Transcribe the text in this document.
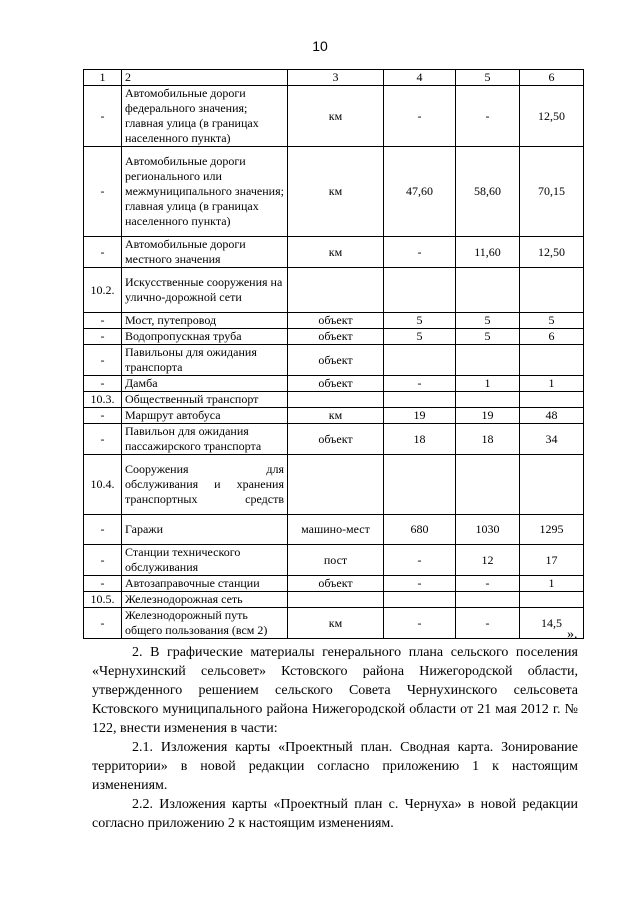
10
1	2	3	4	5	6
-	Автомобильные дороги федерального значения; главная улица (в границах населенного пункта)	км	-	-	12,50
-	Автомобильные дороги регионального или межмуниципального значения; главная улица (в границах населенного пункта)	км	47,60	58,60	70,15
-	Автомобильные дороги местного значения	км	-	11,60	12,50
10.2.	Искусственные сооружения на улично-дорожной сети				
-	Мост, путепровод	объект	5	5	5
-	Водопропускная труба	объект	5	5	6
-	Павильоны для ожидания транспорта	объект			
-	Дамба	объект	-	1	1
10.3.	Общественный транспорт				
-	Маршрут автобуса	км	19	19	48
-	Павильон для ожидания пассажирского транспорта	объект	18	18	34
10.4.	Сооружения для обслуживания и хранения транспортных средств				
-	Гаражи	машино-мест	680	1030	1295
-	Станции технического обслуживания	пост	-	12	17
-	Автозаправочные станции	объект	-	-	1
10.5.	Железнодорожная сеть				
-	Железнодорожный путь общего пользования (всм 2)	км	-	-	14,5
».

2. В графические материалы генерального плана сельского поселения «Чернухинский сельсовет» Кстовского района Нижегородской области, утвержденного решением сельского Совета Чернухинского сельсовета Кстовского муниципального района Нижегородской области от 21 мая 2012 г. № 122, внести изменения в части:

2.1. Изложения карты «Проектный план. Сводная карта. Зонирование территории» в новой редакции согласно приложению 1 к настоящим изменениям.

2.2. Изложения карты «Проектный план с. Чернуха» в новой редакции согласно приложению 2 к настоящим изменениям.
